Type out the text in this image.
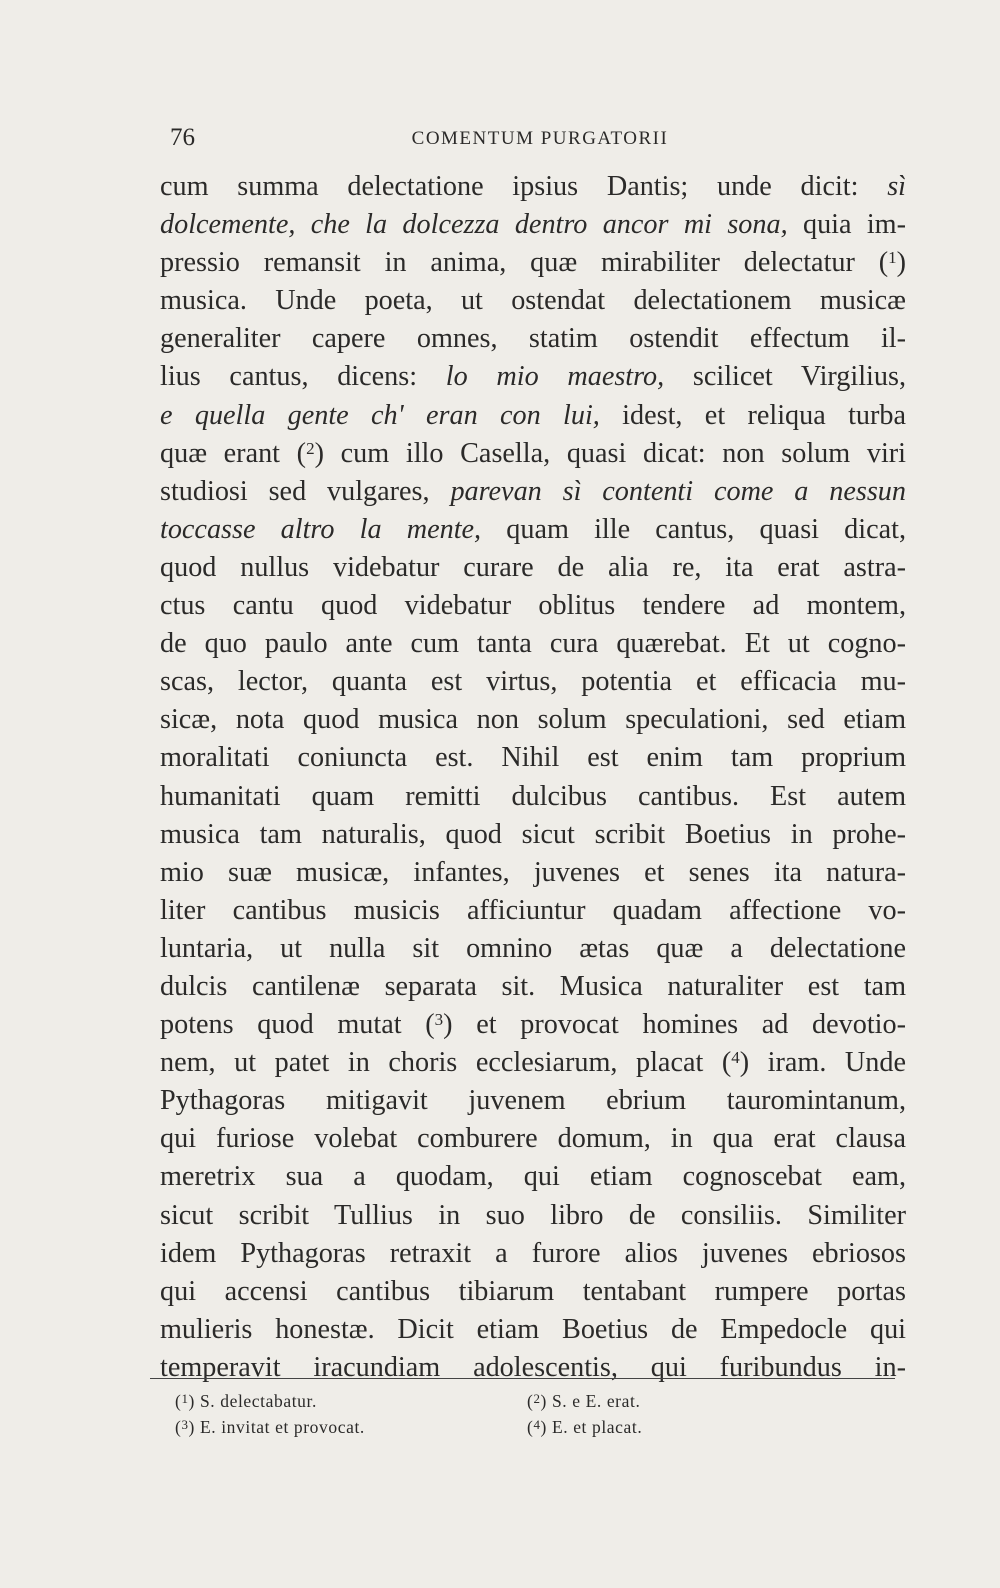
76	COMENTUM PURGATORII
cum summa delectatione ipsius Dantis; unde dicit: sì
dolcemente, che la dolcezza dentro ancor mi sona, quia im-
pressio remansit in anima, quæ mirabiliter delectatur ($^1$)
musica. Unde poeta, ut ostendat delectationem musicæ
generaliter capere omnes, statim ostendit effectum il-
lius cantus, dicens: lo mio maestro, scilicet Virgilius,
e quella gente ch' eran con lui, idest, et reliqua turba
quæ erant ($^2$) cum illo Casella, quasi dicat: non solum viri
studiosi sed vulgares, parevan sì contenti come a nessun
toccasse altro la mente, quam ille cantus, quasi dicat,
quod nullus videbatur curare de alia re, ita erat astra-
ctus cantu quod videbatur oblitus tendere ad montem,
de quo paulo ante cum tanta cura quærebat. Et ut cogno-
scas, lector, quanta est virtus, potentia et efficacia mu-
sicæ, nota quod musica non solum speculationi, sed etiam
moralitati coniuncta est. Nihil est enim tam proprium
humanitati quam remitti dulcibus cantibus. Est autem
musica tam naturalis, quod sicut scribit Boetius in prohe-
mio suæ musicæ, infantes, juvenes et senes ita natura-
liter cantibus musicis afficiuntur quadam affectione vo-
luntaria, ut nulla sit omnino ætas quæ a delectatione
dulcis cantilenæ separata sit. Musica naturaliter est tam
potens quod mutat ($^3$) et provocat homines ad devotio-
nem, ut patet in choris ecclesiarum, placat ($^4$) iram. Unde
Pythagoras mitigavit juvenem ebrium tauromintanum,
qui furiose volebat comburere domum, in qua erat clausa
meretrix sua a quodam, qui etiam cognoscebat eam,
sicut scribit Tullius in suo libro de consiliis. Similiter
idem Pythagoras retraxit a furore alios juvenes ebriosos
qui accensi cantibus tibiarum tentabant rumpere portas
mulieris honestæ. Dicit etiam Boetius de Empedocle qui
temperavit iracundiam adolescentis, qui furibundus in-
($^1$) S. delectabatur.	($^2$) S. e E. erat.
($^3$) E. invitat et provocat.	($^4$) E. et placat.
